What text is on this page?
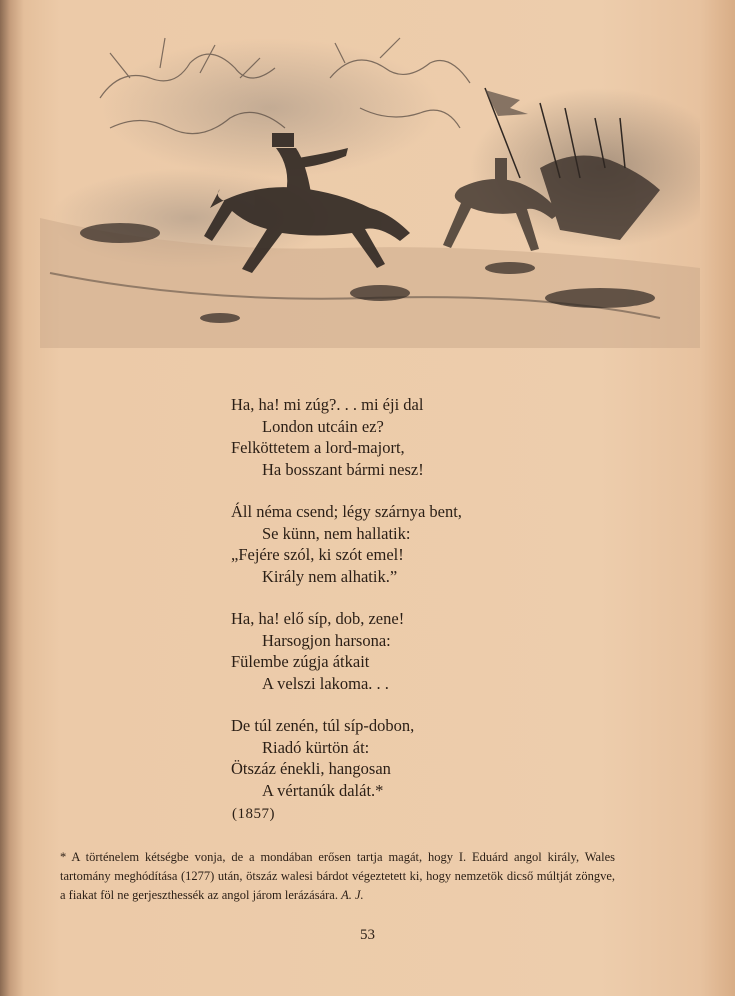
Ha, ha! mi zúg?. . . mi éji dal
London utcáin ez?
Felköttetem a lord-majort,
Ha bosszant bármi nesz!
Áll néma csend; légy szárnya bent,
Se künn, nem hallatik:
„Fejére szól, ki szót emel!
Király nem alhatik.”
Ha, ha! elő síp, dob, zene!
Harsogjon harsona:
Fülembe zúgja átkait
A velszi lakoma. . .
De túl zenén, túl síp-dobon,
Riadó kürtön át:
Ötszáz énekli, hangosan
A vértanúk dalát.*
(1857)
* A történelem kétségbe vonja, de a mondában erősen tartja magát, hogy I. Eduárd angol király, Wales tartomány meghódítása (1277) után, ötszáz walesi bárdot végeztetett ki, hogy nemzetök dicső múltját zöngve, a fiakat föl ne gerjeszthessék az angol járom lerázására. A. J.
53
